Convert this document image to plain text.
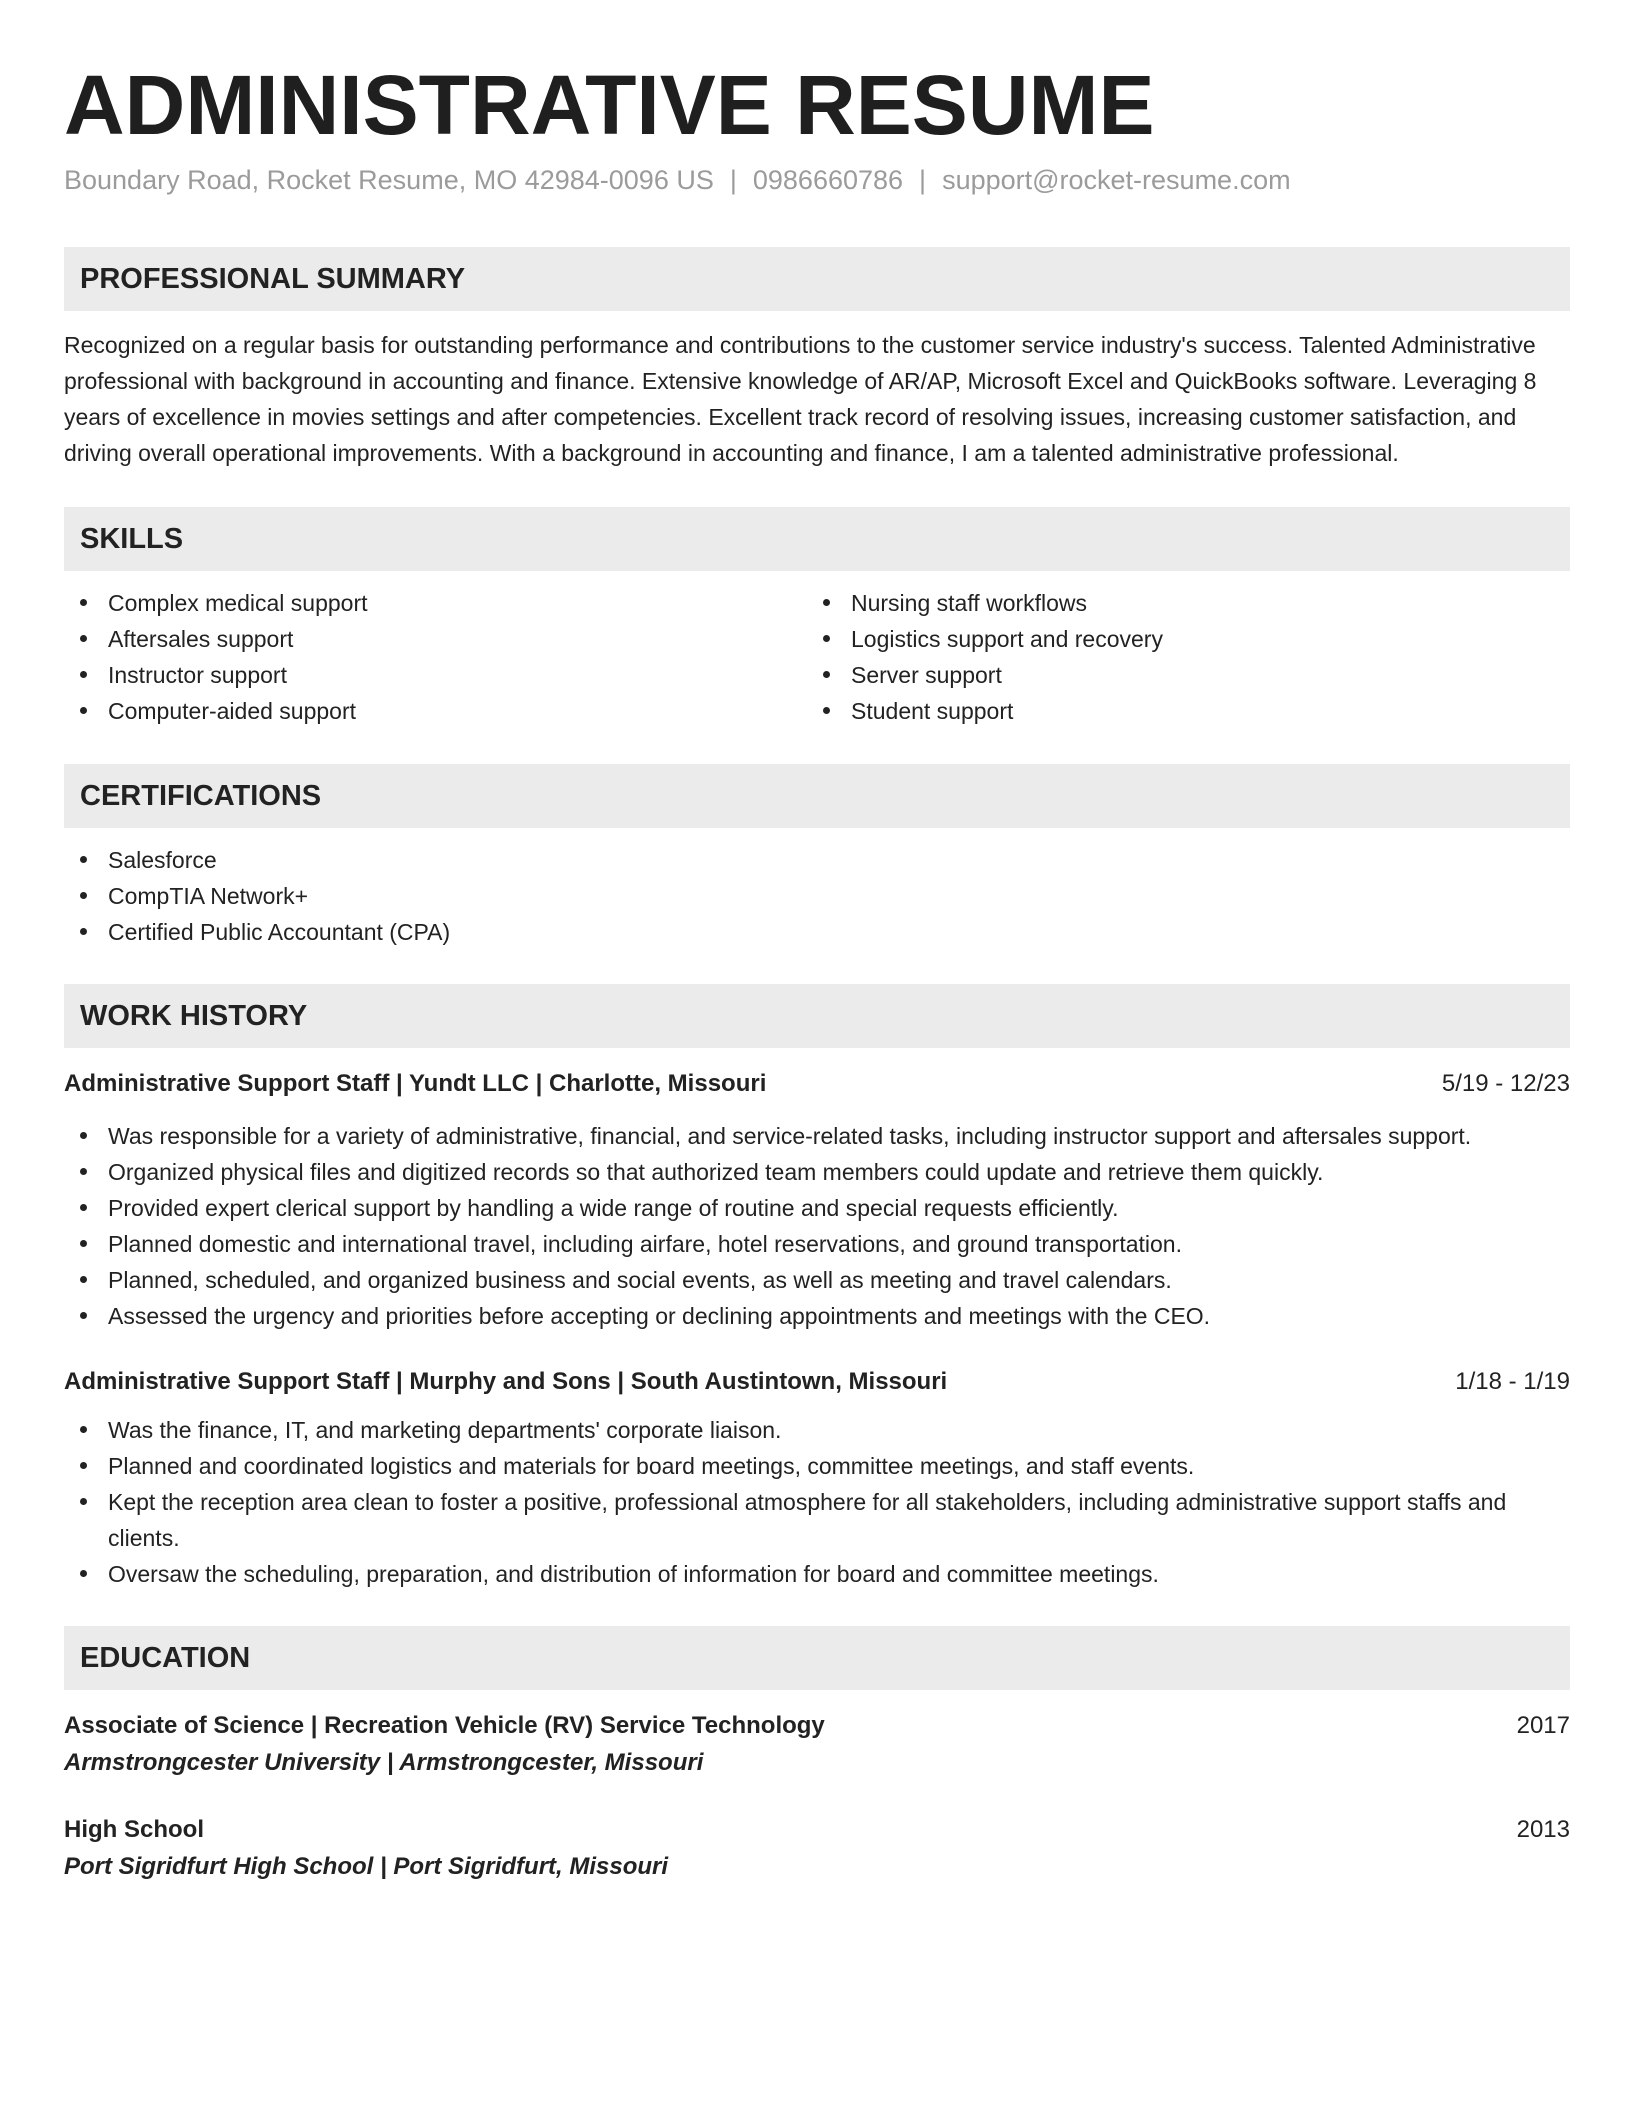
ADMINISTRATIVE RESUME
Boundary Road, Rocket Resume, MO 42984-0096 US | 0986660786 | support@rocket-resume.com
PROFESSIONAL SUMMARY
Recognized on a regular basis for outstanding performance and contributions to the customer service industry's success. Talented Administrative professional with background in accounting and finance. Extensive knowledge of AR/AP, Microsoft Excel and QuickBooks software. Leveraging 8 years of excellence in movies settings and after competencies. Excellent track record of resolving issues, increasing customer satisfaction, and driving overall operational improvements. With a background in accounting and finance, I am a talented administrative professional.
SKILLS
Complex medical support
Aftersales support
Instructor support
Computer-aided support
Nursing staff workflows
Logistics support and recovery
Server support
Student support
CERTIFICATIONS
Salesforce
CompTIA Network+
Certified Public Accountant (CPA)
WORK HISTORY
Administrative Support Staff | Yundt LLC | Charlotte, Missouri	5/19 - 12/23
Was responsible for a variety of administrative, financial, and service-related tasks, including instructor support and aftersales support.
Organized physical files and digitized records so that authorized team members could update and retrieve them quickly.
Provided expert clerical support by handling a wide range of routine and special requests efficiently.
Planned domestic and international travel, including airfare, hotel reservations, and ground transportation.
Planned, scheduled, and organized business and social events, as well as meeting and travel calendars.
Assessed the urgency and priorities before accepting or declining appointments and meetings with the CEO.
Administrative Support Staff | Murphy and Sons | South Austintown, Missouri	1/18 - 1/19
Was the finance, IT, and marketing departments' corporate liaison.
Planned and coordinated logistics and materials for board meetings, committee meetings, and staff events.
Kept the reception area clean to foster a positive, professional atmosphere for all stakeholders, including administrative support staffs and clients.
Oversaw the scheduling, preparation, and distribution of information for board and committee meetings.
EDUCATION
Associate of Science | Recreation Vehicle (RV) Service Technology	2017
Armstrongcester University | Armstrongcester, Missouri
High School	2013
Port Sigridfurt High School | Port Sigridfurt, Missouri
